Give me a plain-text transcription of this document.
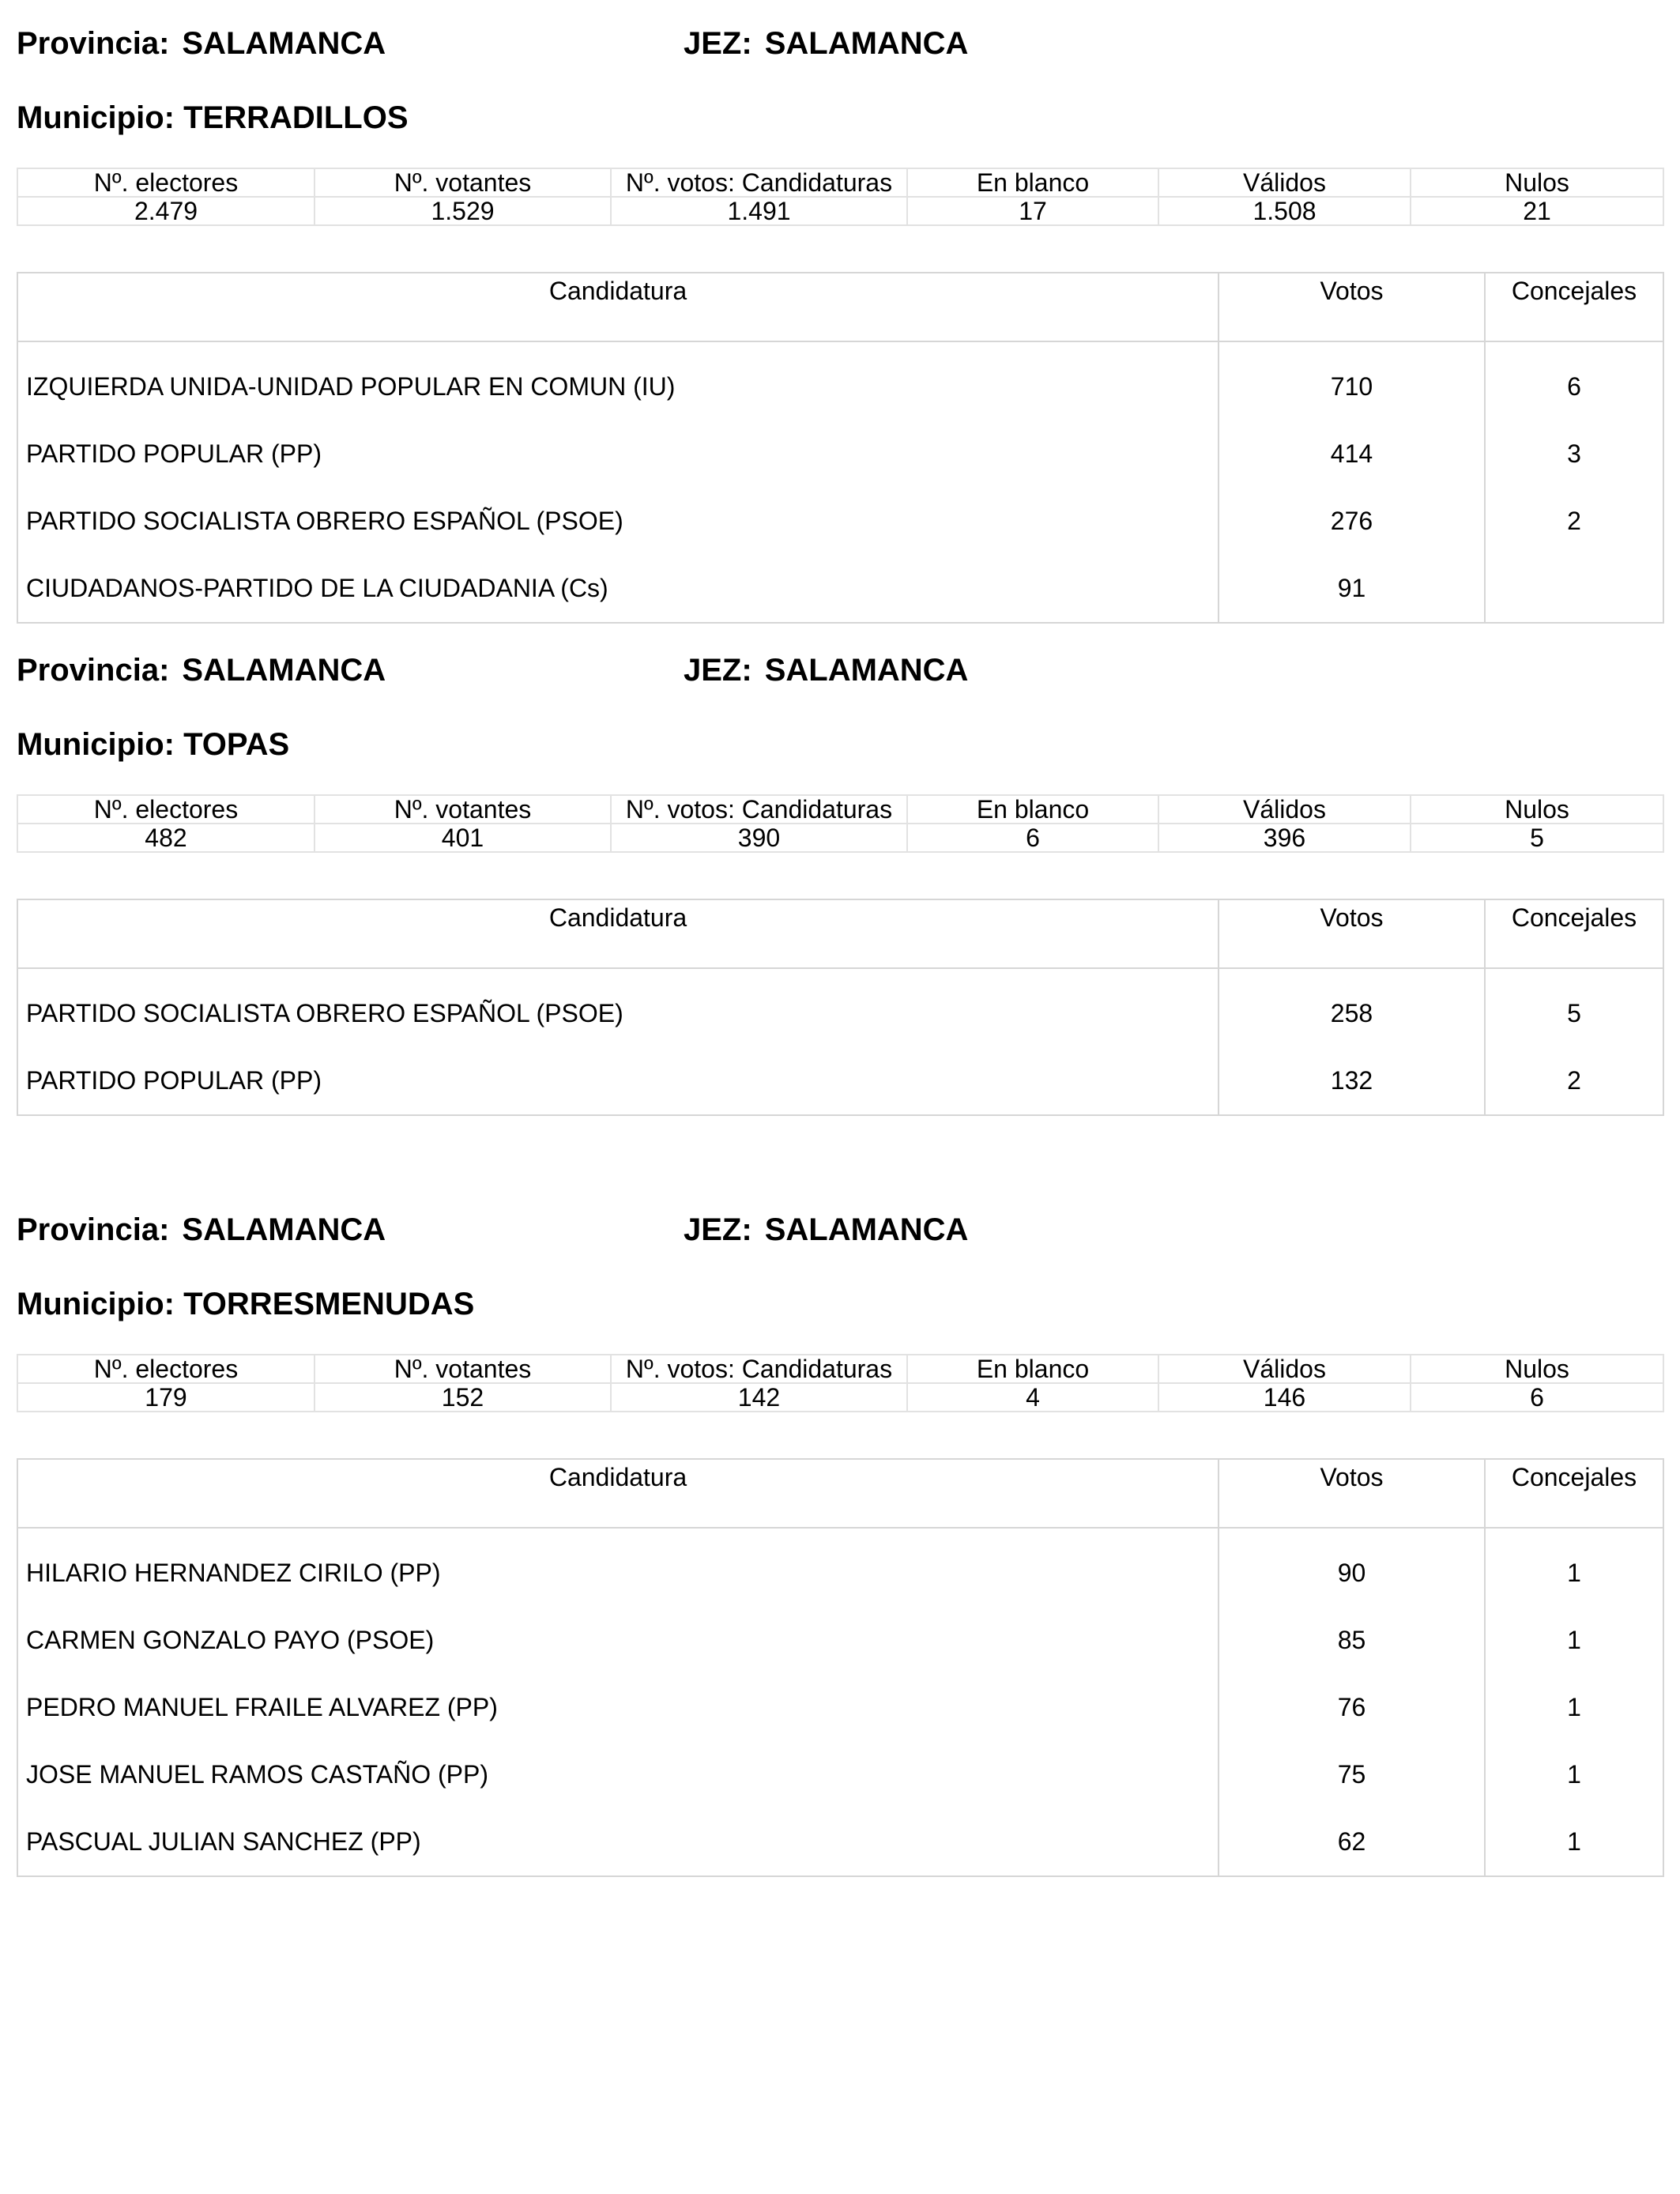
Provincia: SALAMANCA	JEZ: SALAMANCA
Municipio: TERRADILLOS
Nº. electores	Nº. votantes	Nº. votos: Candidaturas	En blanco	Válidos	Nulos
2.479	1.529	1.491	17	1.508	21
Candidatura	Votos	Concejales

IZQUIERDA UNIDA-UNIDAD POPULAR EN COMUN (IU)	710	6
PARTIDO POPULAR (PP)	414	3
PARTIDO SOCIALISTA OBRERO ESPAÑOL (PSOE)	276	2
CIUDADANOS-PARTIDO DE LA CIUDADANIA (Cs)	91	
Provincia: SALAMANCA	JEZ: SALAMANCA
Municipio: TOPAS
Nº. electores	Nº. votantes	Nº. votos: Candidaturas	En blanco	Válidos	Nulos
482	401	390	6	396	5
Candidatura	Votos	Concejales

PARTIDO SOCIALISTA OBRERO ESPAÑOL (PSOE)	258	5
PARTIDO POPULAR (PP)	132	2
Provincia: SALAMANCA	JEZ: SALAMANCA
Municipio: TORRESMENUDAS
Nº. electores	Nº. votantes	Nº. votos: Candidaturas	En blanco	Válidos	Nulos
179	152	142	4	146	6
Candidatura	Votos	Concejales

HILARIO HERNANDEZ CIRILO (PP)	90	1
CARMEN GONZALO PAYO (PSOE)	85	1
PEDRO MANUEL FRAILE ALVAREZ (PP)	76	1
JOSE MANUEL RAMOS CASTAÑO (PP)	75	1
PASCUAL JULIAN SANCHEZ (PP)	62	1
